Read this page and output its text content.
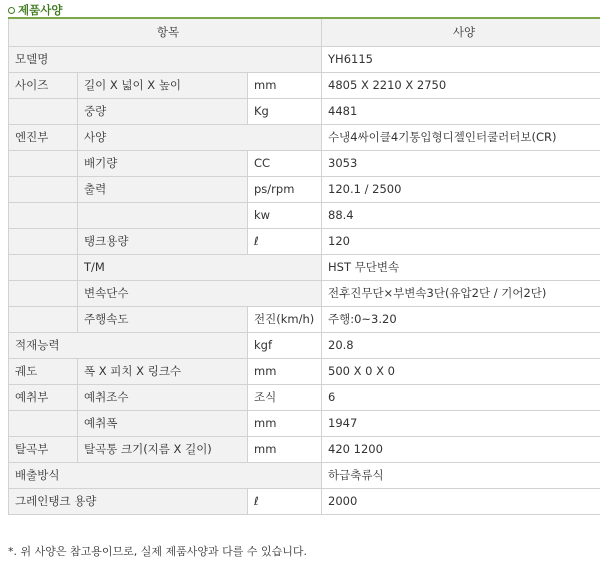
제품사양
항목			사양
모델명			YH6115
사이즈	길이 X 넓이 X 높이	mm	4805 X 2210 X 2750
	중량	Kg	4481
엔진부	사양		수냉4싸이클4기통입형디젤인터쿨러터보(CR)
	배기량	CC	3053
	출력	ps/rpm	120.1 / 2500
		kw	88.4
	탱크용량	ℓ	120
	T/M		HST 무단변속
	변속단수		전후진무단×부변속3단(유압2단 / 기어2단)
	주행속도	전진(km/h)	주행:0~3.20
적재능력		kgf	20.8
궤도	폭 X 피치 X 링크수	mm	500 X 0 X 0
예취부	예취조수	조식	6
	예취폭	mm	1947
탈곡부	탈곡통 크기(지름 X 길이)	mm	420 1200
배출방식			하급축류식
그레인탱크 용량		ℓ	2000
*. 위 사양은 참고용이므로, 실제 제품사양과 다를 수 있습니다.
